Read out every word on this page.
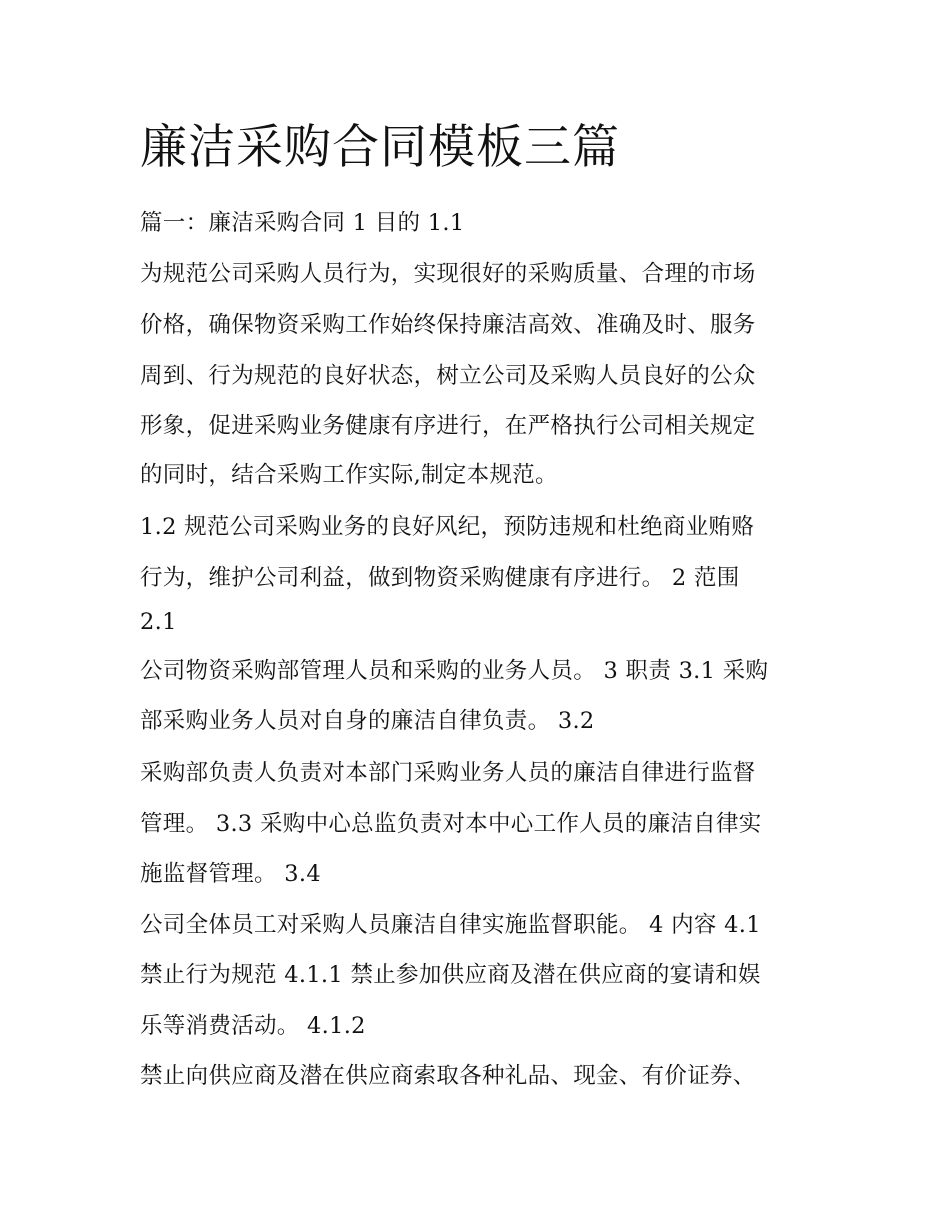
廉洁采购合同模板三篇
篇一：廉洁采购合同 1 目的 1.1
为规范公司采购人员行为，实现很好的采购质量、合理的市场
价格，确保物资采购工作始终保持廉洁高效、准确及时、服务
周到、行为规范的良好状态，树立公司及采购人员良好的公众
形象，促进采购业务健康有序进行，在严格执行公司相关规定
的同时，结合采购工作实际,制定本规范。
1.2 规范公司采购业务的良好风纪，预防违规和杜绝商业贿赂
行为，维护公司利益，做到物资采购健康有序进行。 2 范围
2.1
公司物资采购部管理人员和采购的业务人员。 3 职责 3.1 采购
部采购业务人员对自身的廉洁自律负责。 3.2
采购部负责人负责对本部门采购业务人员的廉洁自律进行监督
管理。 3.3 采购中心总监负责对本中心工作人员的廉洁自律实
施监督管理。 3.4
公司全体员工对采购人员廉洁自律实施监督职能。 4 内容 4.1
禁止行为规范 4.1.1 禁止参加供应商及潜在供应商的宴请和娱
乐等消费活动。 4.1.2
禁止向供应商及潜在供应商索取各种礼品、现金、有价证券、
